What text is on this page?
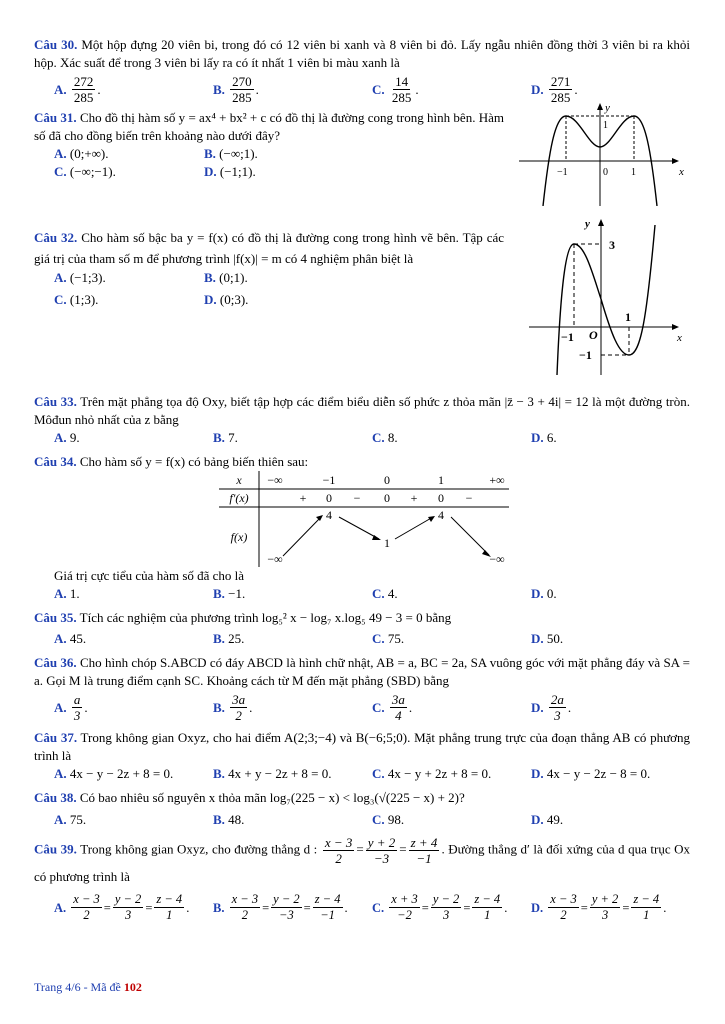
Câu 30. Một hộp đựng 20 viên bi, trong đó có 12 viên bi xanh và 8 viên bi đỏ. Lấy ngẫu nhiên đồng thời 3 viên bi ra khỏi hộp. Xác suất để trong 3 viên bi lấy ra có ít nhất 1 viên bi màu xanh là
A.
$\frac{272}{285}$ .	B.
$\frac{270}{285}$ .	C.
$\frac{14}{285}$ .	D.
$\frac{271}{285}$ .
Câu 31. Cho đồ thị hàm số y = ax⁴ + bx² + c có đồ thị là đường cong trong hình bên. Hàm số đã cho đồng biến trên khoảng nào dưới đây?
A.
(0;+∞).	B.
(−∞;1).
C.
(−∞;−1).	D.
(−1;1).
y
x
1
−1	0 1
Câu 32. Cho hàm số bậc ba y = f(x) có đồ thị là đường cong trong hình vẽ bên. Tập các giá trị của tham số m để phương trình |f(x)| = m có 4 nghiệm phân biệt là
A.
(−1;3).	B.
(0;1).
C.
(1;3).	D.
(0;3).
y
x
3
−1 O
1
−1
Câu 33. Trên mặt phẳng tọa độ Oxy, biết tập hợp các điểm biểu diễn số phức z thỏa mãn |z̄ − 3 + 4i| = 12 là một đường tròn. Môđun nhỏ nhất của z bằng
A.
9.	B.
7.	C.
8.	D.
6.
Câu 34. Cho hàm số y = f(x) có bảng biến thiên sau:
x −∞	−1	0	1	+∞
f′(x)	+ 0 − 0 + 0 −
f(x)
−∞
4
1
4
−∞
Giá trị cực tiểu của hàm số đã cho là
A.
1.	B.
−1.	C.
4.	D.
0.
Câu 35. Tích các nghiệm của phương trình log₅² x − log₇ x.log₅ 49 − 3 = 0 bằng
A.
45.	B.
25.	C.
75.	D.
50.
Câu 36. Cho hình chóp S.ABCD có đáy ABCD là hình chữ nhật, AB = a, BC = 2a, SA vuông góc với mặt phẳng đáy và SA = a. Gọi M là trung điểm cạnh SC. Khoảng cách từ M đến mặt phẳng (SBD) bằng
A.
$\frac{a}{3}$ .	B.
$\frac{3a}{2}$ .	C.
$\frac{3a}{4}$ .	D.
$\frac{2a}{3}$ .
Câu 37. Trong không gian Oxyz, cho hai điểm A(2;3;−4) và B(−6;5;0). Mặt phẳng trung trực của đoạn thẳng AB có phương trình là
A.
4x − y − 2z + 8 = 0.	B.
4x + y − 2z + 8 = 0.	C.
4x − y + 2z + 8 = 0.	D.
4x − y − 2z − 8 = 0.
Câu 38. Có bao nhiêu số nguyên x thỏa mãn log₇(225 − x) < log₃(√(225 − x) + 2)?
A.
75.	B.
48.	C.
98.	D.
49.
Câu 39. Trong không gian Oxyz, cho đường thẳng d : $\frac{x - 3}{2} = \frac{y + 2}{-3} = \frac{z + 4}{-1}$ . Đường thẳng d′ là đối xứng của d qua trục Ox có phương trình là
A.
$\frac{x - 3}{2} = \frac{y - 2}{3} = \frac{z - 4}{1}$ .	B.
$\frac{x - 3}{2} = \frac{y - 2}{-3} = \frac{z - 4}{-1}$ .	C.
$\frac{x + 3}{-2} = \frac{y - 2}{3} = \frac{z - 4}{1}$ .	D.
$\frac{x - 3}{2} = \frac{y + 2}{3} = \frac{z - 4}{1}$ .
Trang 4/6 - Mã đề 102
